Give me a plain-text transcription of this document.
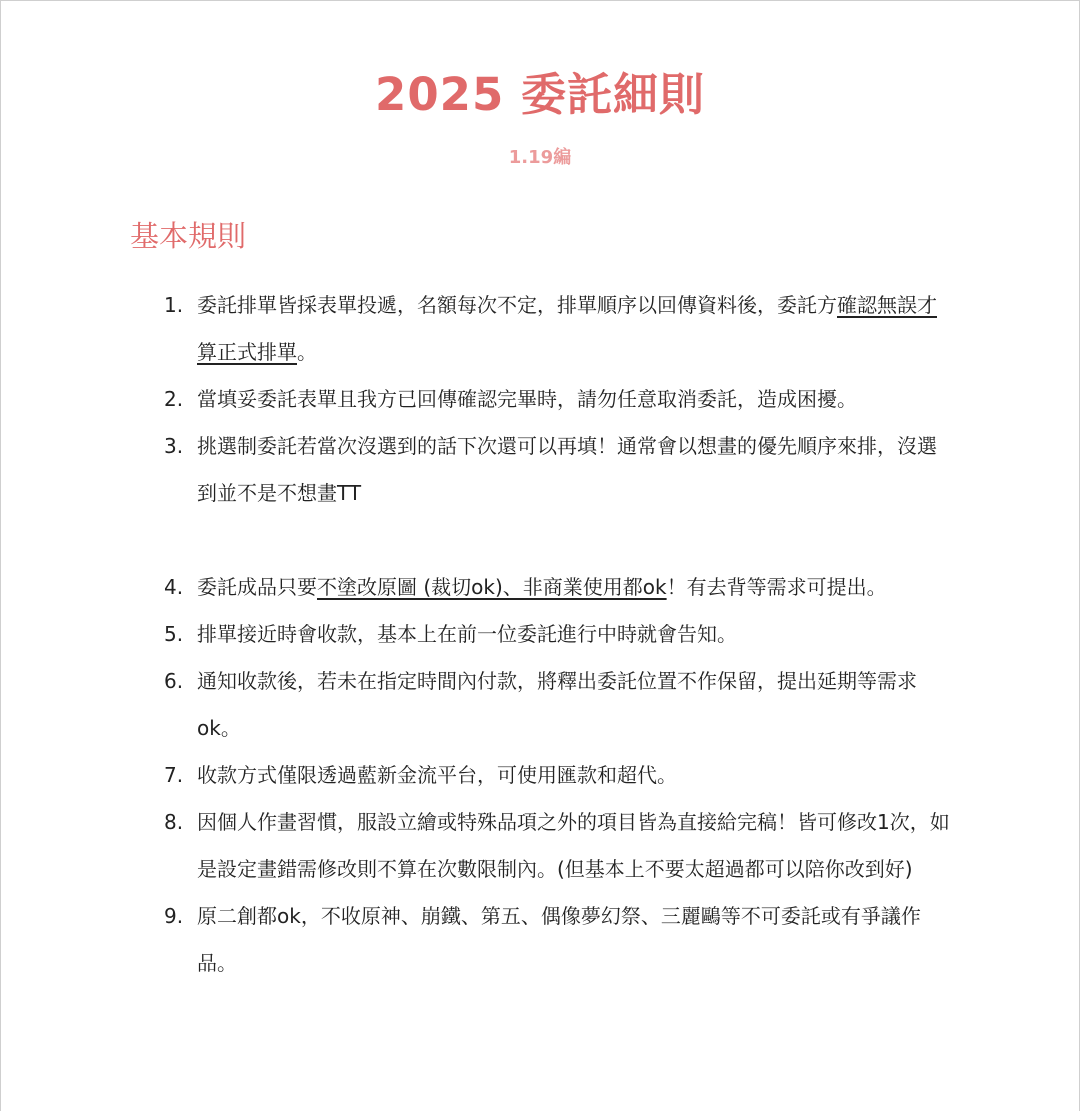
2025 委託細則
1.19編
基本規則
1. 委託排單皆採表單投遞，名額每次不定，排單順序以回傳資料後，委託方確認無誤才算正式排單。
2. 當填妥委託表單且我方已回傳確認完畢時，請勿任意取消委託，造成困擾。
3. 挑選制委託若當次沒選到的話下次還可以再填！通常會以想畫的優先順序來排，沒選到並不是不想畫TT
4. 委託成品只要不塗改原圖 (裁切ok)、非商業使用都ok！有去背等需求可提出。
5. 排單接近時會收款，基本上在前一位委託進行中時就會告知。
6. 通知收款後，若未在指定時間內付款，將釋出委託位置不作保留，提出延期等需求ok。
7. 收款方式僅限透過藍新金流平台，可使用匯款和超代。
8. 因個人作畫習慣，服設立繪或特殊品項之外的項目皆為直接給完稿！皆可修改1次，如是設定畫錯需修改則不算在次數限制內。(但基本上不要太超過都可以陪你改到好)
9. 原二創都ok，不收原神、崩鐵、第五、偶像夢幻祭、三麗鷗等不可委託或有爭議作品。
